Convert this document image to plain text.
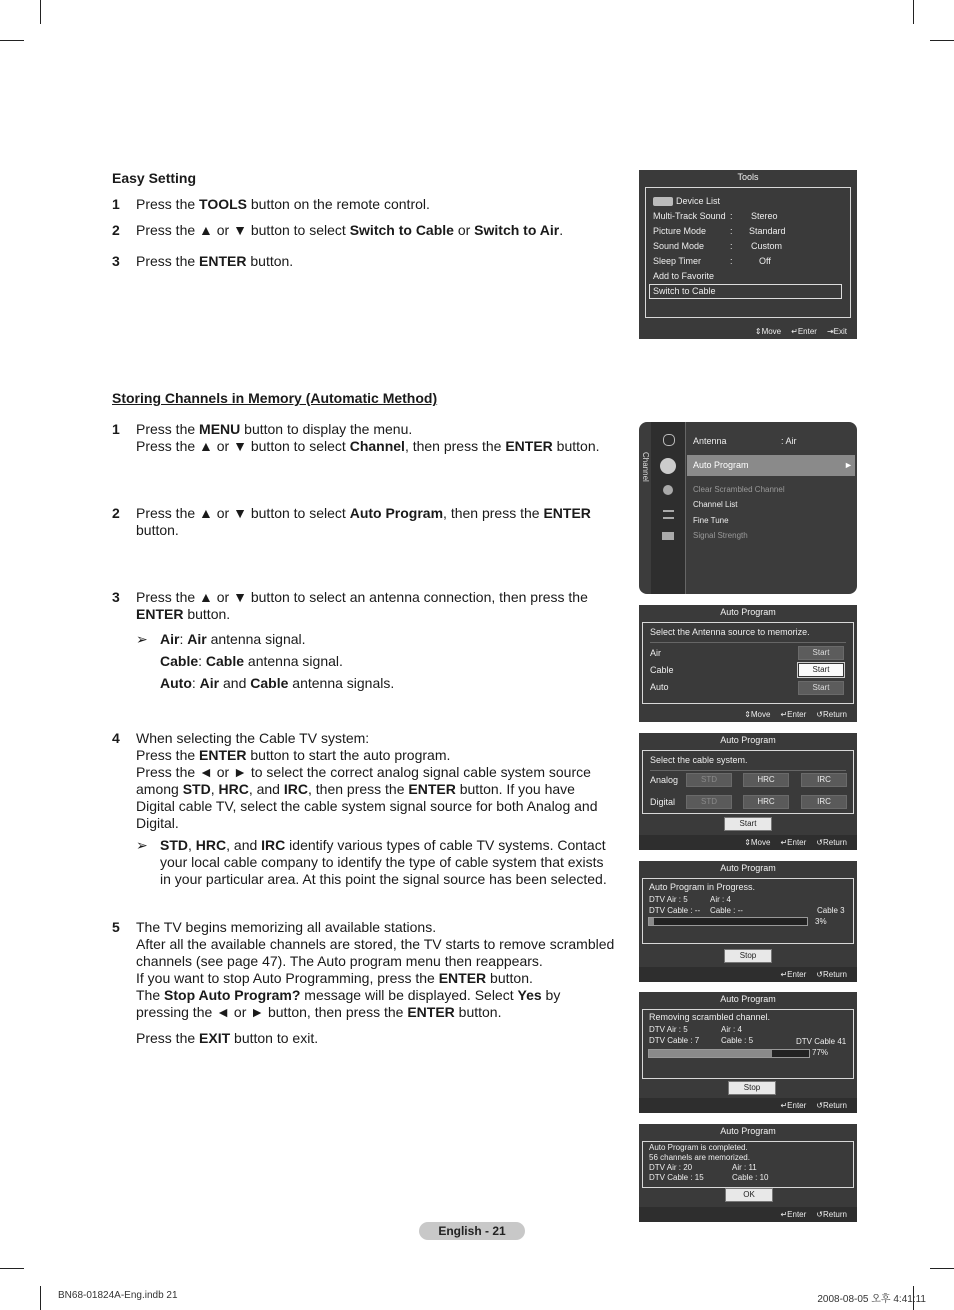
Easy Setting
1 Press the TOOLS button on the remote control.
2 Press the ▲ or ▼ button to select Switch to Cable or Switch to Air.
3 Press the ENTER button.
Storing Channels in Memory (Automatic Method)
1 Press the MENU button to display the menu.
Press the ▲ or ▼ button to select Channel, then press the ENTER button.
2 Press the ▲ or ▼ button to select Auto Program, then press the ENTER button.
3 Press the ▲ or ▼ button to select an antenna connection, then press the ENTER button.
➢ Air: Air antenna signal.
Cable: Cable antenna signal.
Auto: Air and Cable antenna signals.
4 When selecting the Cable TV system:
Press the ENTER button to start the auto program.
Press the ◄ or ► to select the correct analog signal cable system source among STD, HRC, and IRC, then press the ENTER button. If you have Digital cable TV, select the cable system signal source for both Analog and Digital.
➢ STD, HRC, and IRC identify various types of cable TV systems. Contact your local cable company to identify the type of cable system that exists in your particular area. At this point the signal source has been selected.
5 The TV begins memorizing all available stations.
After all the available channels are stored, the TV starts to remove scrambled channels (see page 47). The Auto program menu then reappears.
If you want to stop Auto Programming, press the ENTER button.
The Stop Auto Program? message will be displayed. Select Yes by pressing the ◄ or ► button, then press the ENTER button.
Press the EXIT button to exit.
Tools
Device List
Multi-Track Sound : Stereo
Picture Mode	: Standard
Sound Mode	: Custom
Sleep Timer	:	Off
Add to Favorite
Switch to Cable
⇕Move ↵Enter ⇥Exit
Channel
Antenna	: Air
Auto Program	►
Clear Scrambled Channel
Channel List
Fine Tune
Signal Strength
Auto Program
Select the Antenna source to memorize.
Air	Start
Cable	Start
Auto	Start
⇕Move ↵Enter ↺Return
Auto Program
Select the cable system.
Analog	STD	HRC	IRC
Digital	STD	HRC	IRC
Start
⇕Move ↵Enter ↺Return
Auto Program
Auto Program in Progress.
DTV Air : 5	Air : 4
DTV Cable : -- Cable : --	Cable 3
3%
Stop
↵Enter ↺Return
Auto Program
Removing scrambled channel.
DTV Air : 5	Air : 4
DTV Cable : 7	Cable : 5	DTV Cable 41
77%
Stop
↵Enter ↺Return
Auto Program
Auto Program is completed.
56 channels are memorized.
DTV Air : 20	Air : 11
DTV Cable : 15	Cable : 10
OK
↵Enter ↺Return
English - 21
BN68-01824A-Eng.indb 21	2008-08-05 오후 4:41:11
